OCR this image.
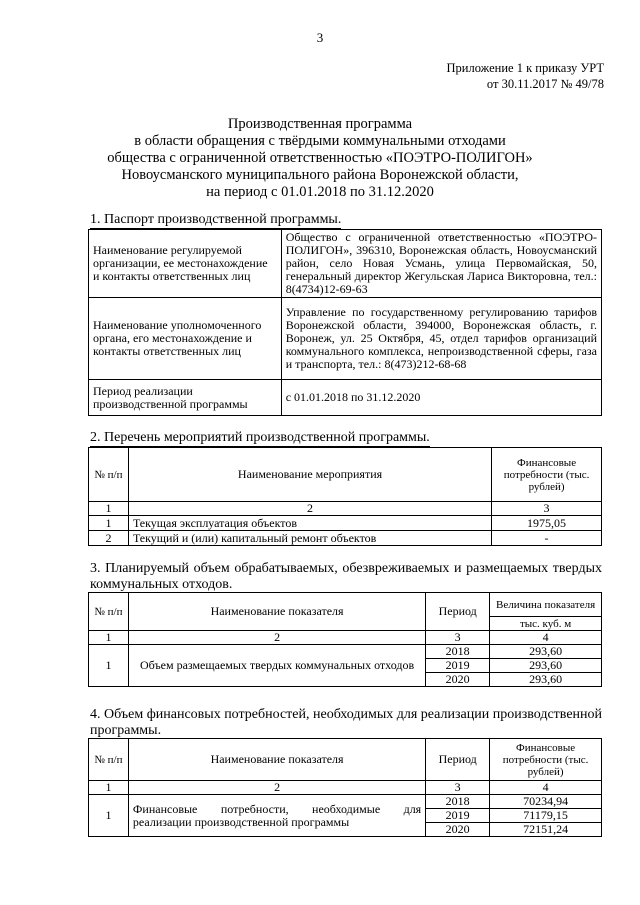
3
Приложение 1 к приказу УРТ
от 30.11.2017 № 49/78
Производственная программа
в области обращения с твёрдыми коммунальными отходами
общества с ограниченной ответственностью «ПОЭТРО-ПОЛИГОН»
Новоусманского муниципального района Воронежской области,
на период с 01.01.2018 по 31.12.2020
1. Паспорт производственной программы.
Наименование регулируемой организации, ее местонахождение и контакты ответственных лиц	Общество с ограниченной ответственностью «ПОЭТРО-ПОЛИГОН», 396310, Воронежская область, Новоусманский район, село Новая Усмань, улица Первомайская, 50, генеральный директор Жегульская Лариса Викторовна, тел.: 8(4734)12-69-63
Наименование уполномоченного органа, его местонахождение и контакты ответственных лиц	Управление по государственному регулированию тарифов Воронежской области, 394000, Воронежская область, г. Воронеж, ул. 25 Октября, 45, отдел тарифов организаций коммунального комплекса, непроизводственной сферы, газа и транспорта, тел.: 8(473)212-68-68
Период реализации производственной программы	с 01.01.2018 по 31.12.2020
2. Перечень мероприятий производственной программы.
№ п/п	Наименование мероприятия	Финансовые потребности (тыс. рублей)
1	2	3
1	Текущая эксплуатация объектов	1975,05
2	Текущий и (или) капитальный ремонт объектов	-
3. Планируемый объем обрабатываемых, обезвреживаемых и размещаемых твердых коммунальных отходов.
№ п/п	Наименование показателя	Период	Величина показателя
			тыс. куб. м
1	2	3	4
1	Объем размещаемых твердых коммунальных отходов	2018	293,60
		2019	293,60
		2020	293,60
4. Объем финансовых потребностей, необходимых для реализации производственной программы.
№ п/п	Наименование показателя	Период	Финансовые потребности (тыс. рублей)
1	2	3	4
1	Финансовые потребности, необходимые для реализации производственной программы	2018	70234,94
		2019	71179,15
		2020	72151,24
